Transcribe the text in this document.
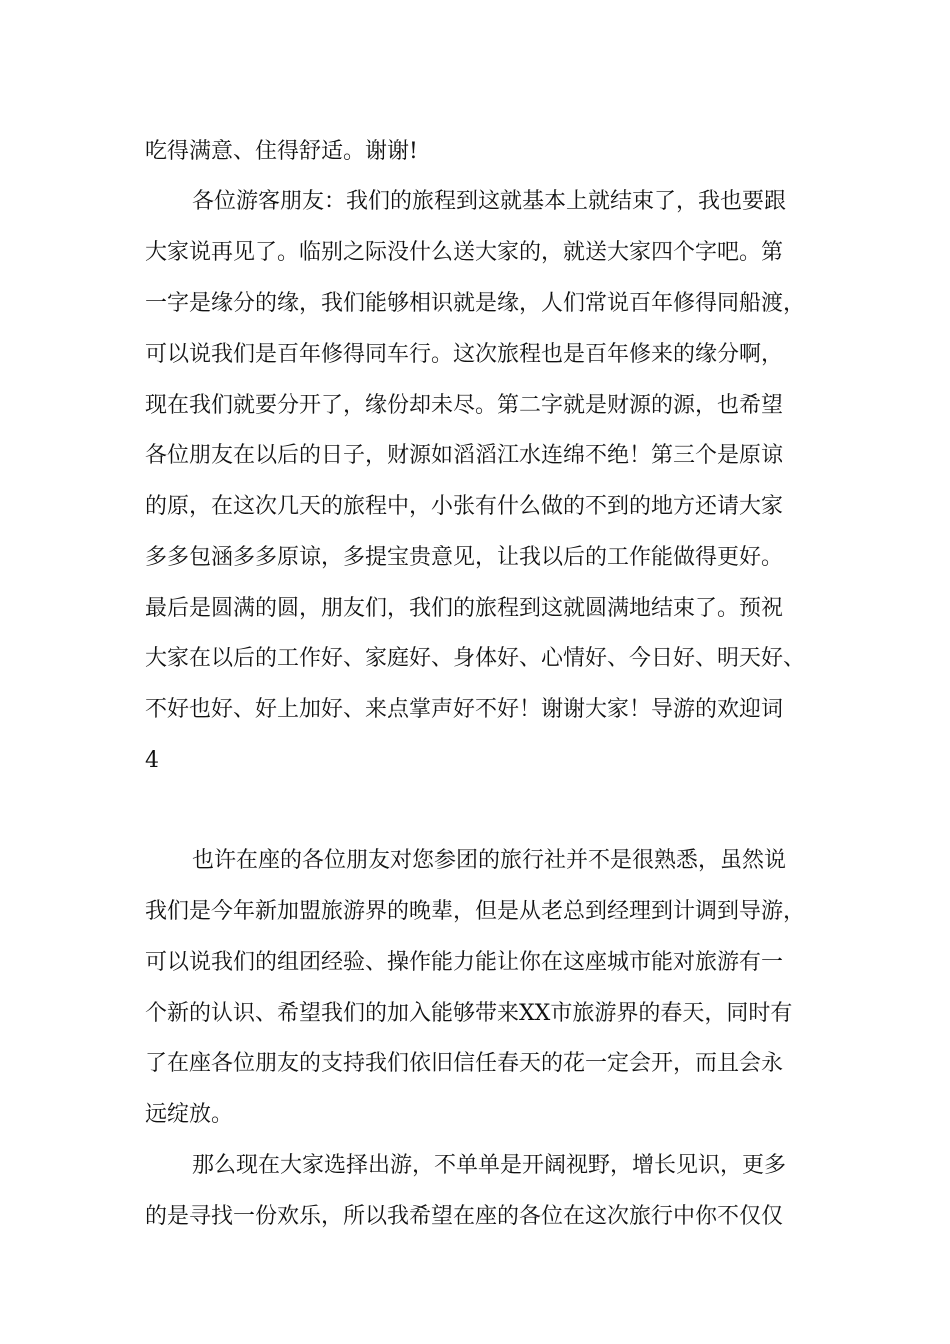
吃得满意、住得舒适。谢谢!
各位游客朋友：我们的旅程到这就基本上就结束了，我也要跟
大家说再见了。临别之际没什么送大家的，就送大家四个字吧。第
一字是缘分的缘，我们能够相识就是缘，人们常说百年修得同船渡，
可以说我们是百年修得同车行。这次旅程也是百年修来的缘分啊，
现在我们就要分开了，缘份却未尽。第二字就是财源的源，也希望
各位朋友在以后的日子，财源如滔滔江水连绵不绝！第三个是原谅
的原，在这次几天的旅程中，小张有什么做的不到的地方还请大家
多多包涵多多原谅，多提宝贵意见，让我以后的工作能做得更好。
最后是圆满的圆，朋友们，我们的旅程到这就圆满地结束了。预祝
大家在以后的工作好、家庭好、身体好、心情好、今日好、明天好、
不好也好、好上加好、来点掌声好不好！谢谢大家！导游的欢迎词
4
也许在座的各位朋友对您参团的旅行社并不是很熟悉，虽然说
我们是今年新加盟旅游界的晚辈，但是从老总到经理到计调到导游，
可以说我们的组团经验、操作能力能让你在这座城市能对旅游有一
个新的认识、希望我们的加入能够带来XX市旅游界的春天，同时有
了在座各位朋友的支持我们依旧信任春天的花一定会开，而且会永
远绽放。
那么现在大家选择出游，不单单是开阔视野，增长见识，更多
的是寻找一份欢乐，所以我希望在座的各位在这次旅行中你不仅仅
